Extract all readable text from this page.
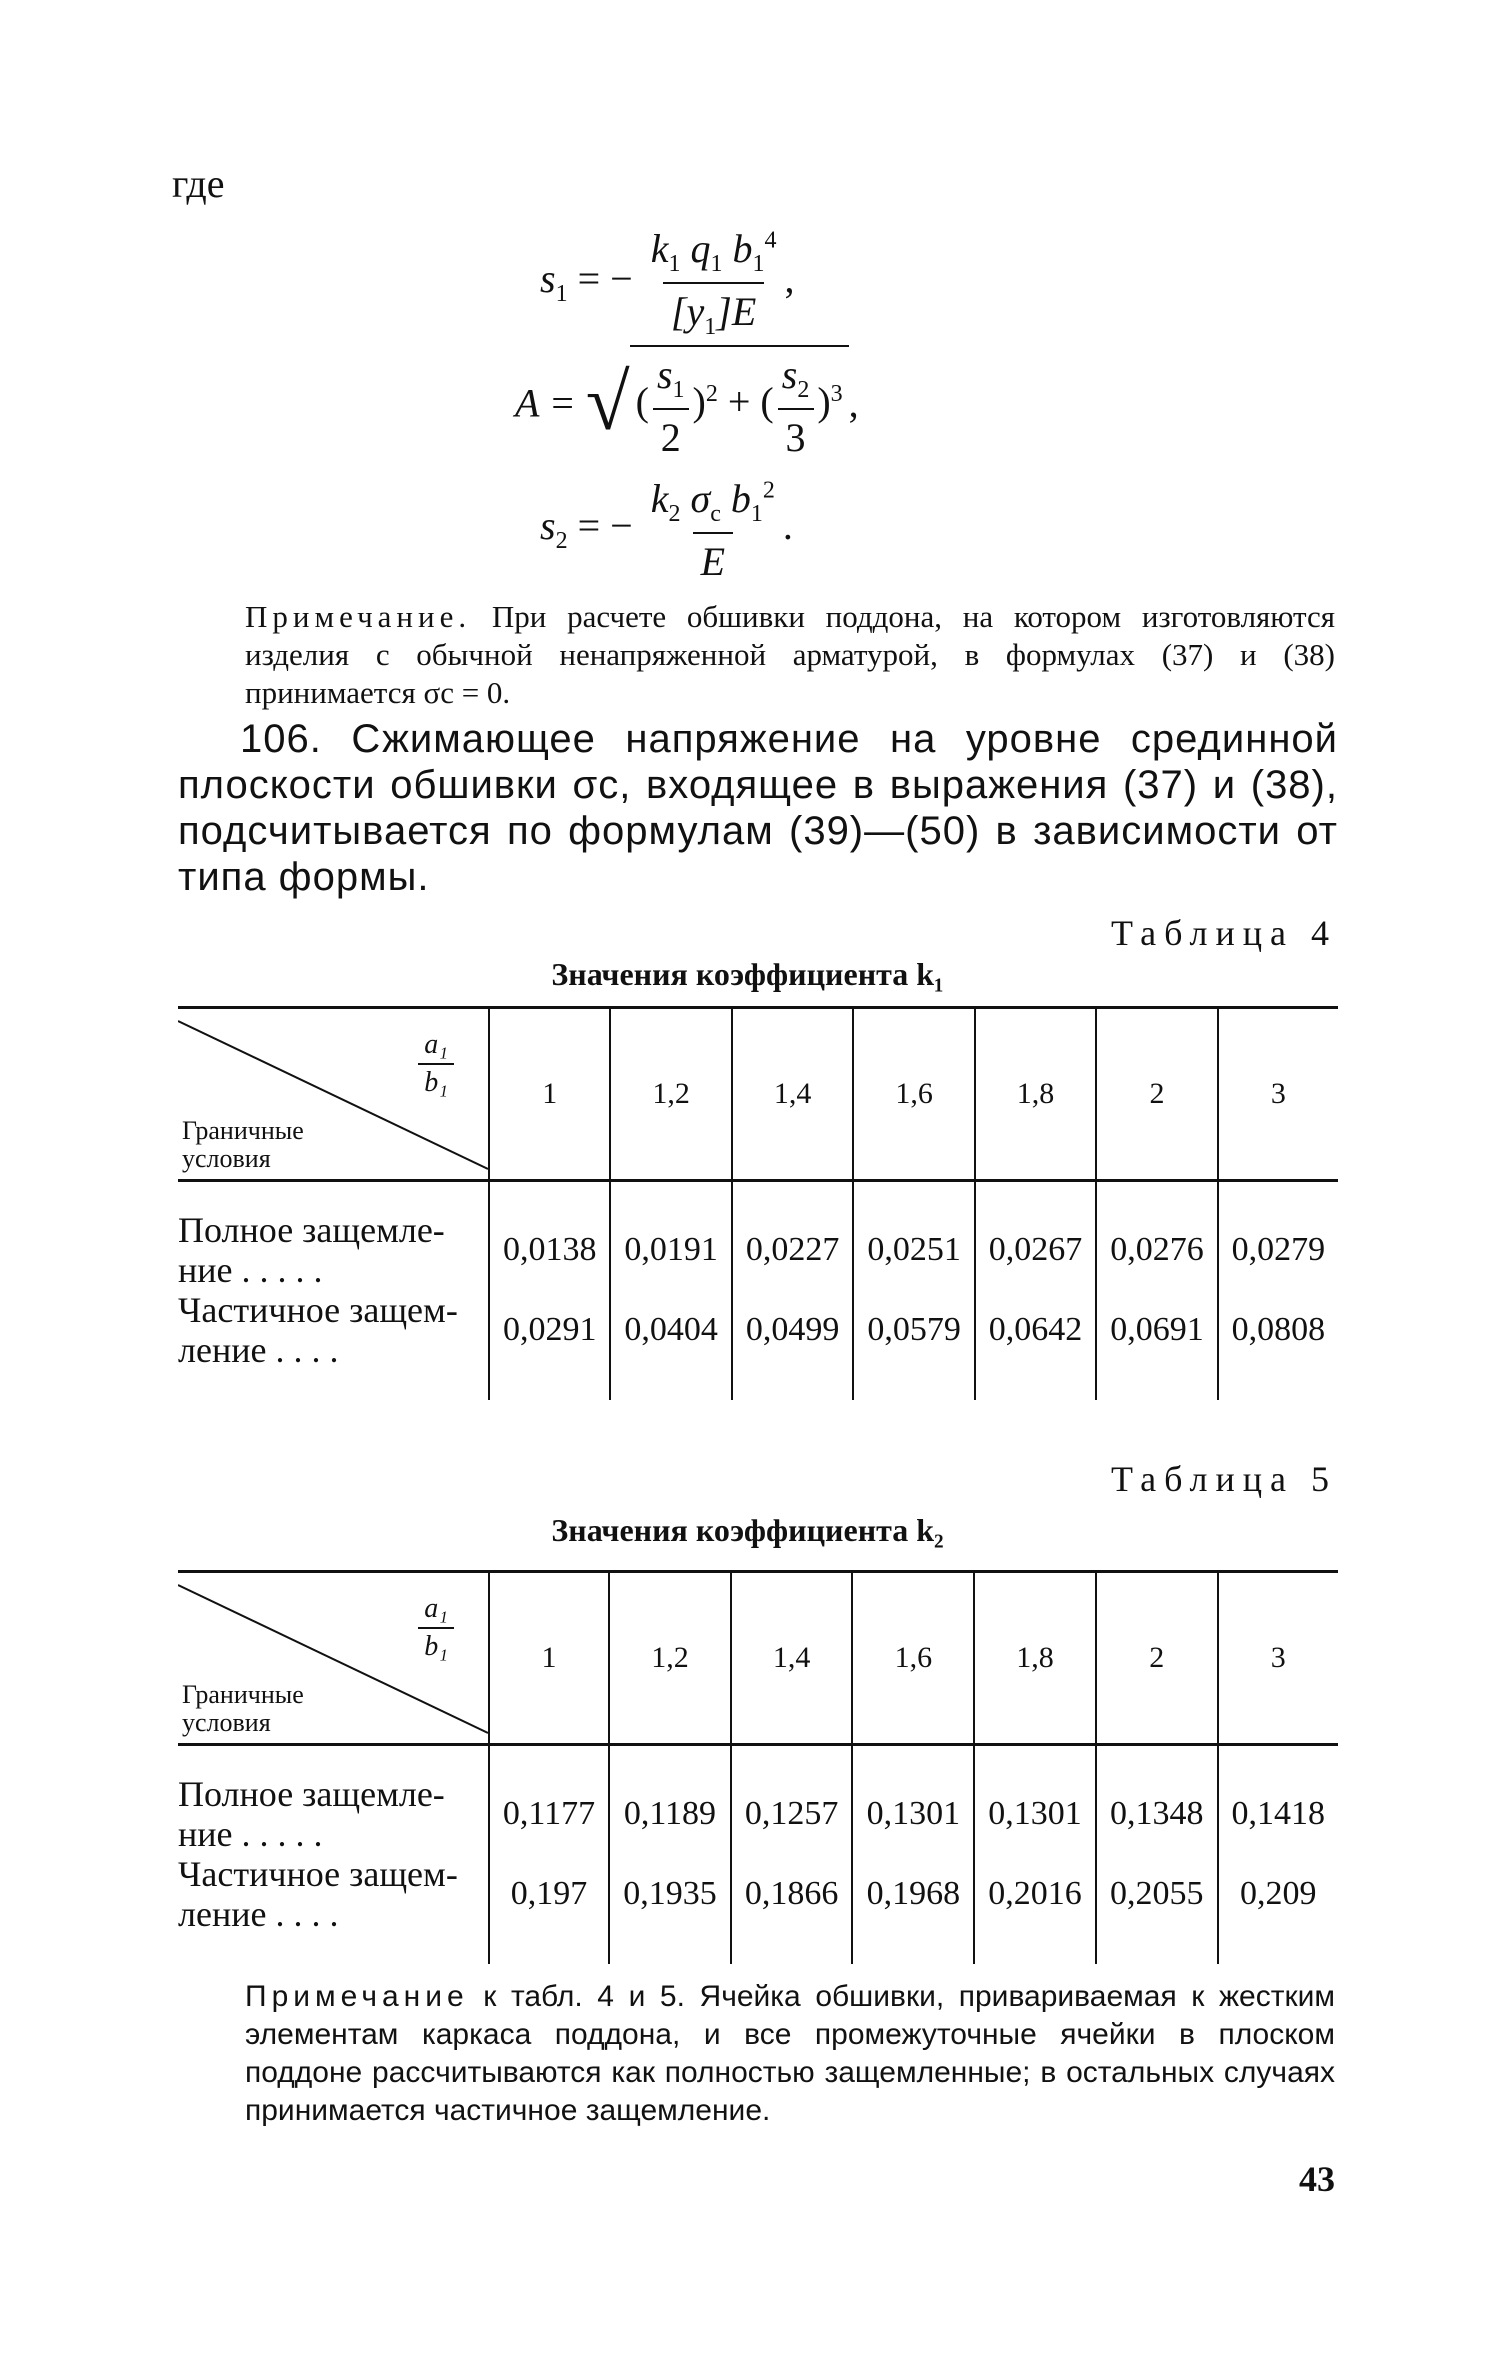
где
$s_1$ = − $\frac{k_1 q_1 b_1^4}{[y_1]E}$ ,
A = √( $\frac{s_1}{2} )^2$ + ( $\frac{s_2}{3} )^3$ ,
$s_2$ = − $\frac{k_2 \sigma_c b_1^2}{E}$ .
Примечание. При расчете обшивки поддона, на котором изготовляются изделия с обычной ненапряженной арматурой, в формулах (37) и (38) принимается σc = 0.
106. Сжимающее напряжение на уровне срединной плоскости обшивки σc, входящее в выражения (37) и (38), подсчитывается по формулам (39)—(50) в зависимости от типа формы.
Таблица 4
Значения коэффициента k₁
a₁
b₁
Граничные
условия	1	1,2	1,4	1,6	1,8	2	3

Полное защемле-
ние . . . . .	0,0138	0,0191	0,0227	0,0251	0,0267	0,0276	0,0279

Частичное защем-
ление . . . .	0,0291	0,0404	0,0499	0,0579	0,0642	0,0691	0,0808
Таблица 5
Значения коэффициента k₂
a₁
b₁
Граничные
условия	1	1,2	1,4	1,6	1,8	2	3

Полное защемле-
ние . . . . .	0,1177	0,1189	0,1257	0,1301	0,1301	0,1348	0,1418

Частичное защем-
ление . . . .	0,197	0,1935	0,1866	0,1968	0,2016	0,2055	0,209
Примечание к табл. 4 и 5. Ячейка обшивки, привариваемая к жестким элементам каркаса поддона, и все промежуточные ячейки в плоском поддоне рассчитываются как полностью защемленные; в остальных случаях принимается частичное защемление.
43
